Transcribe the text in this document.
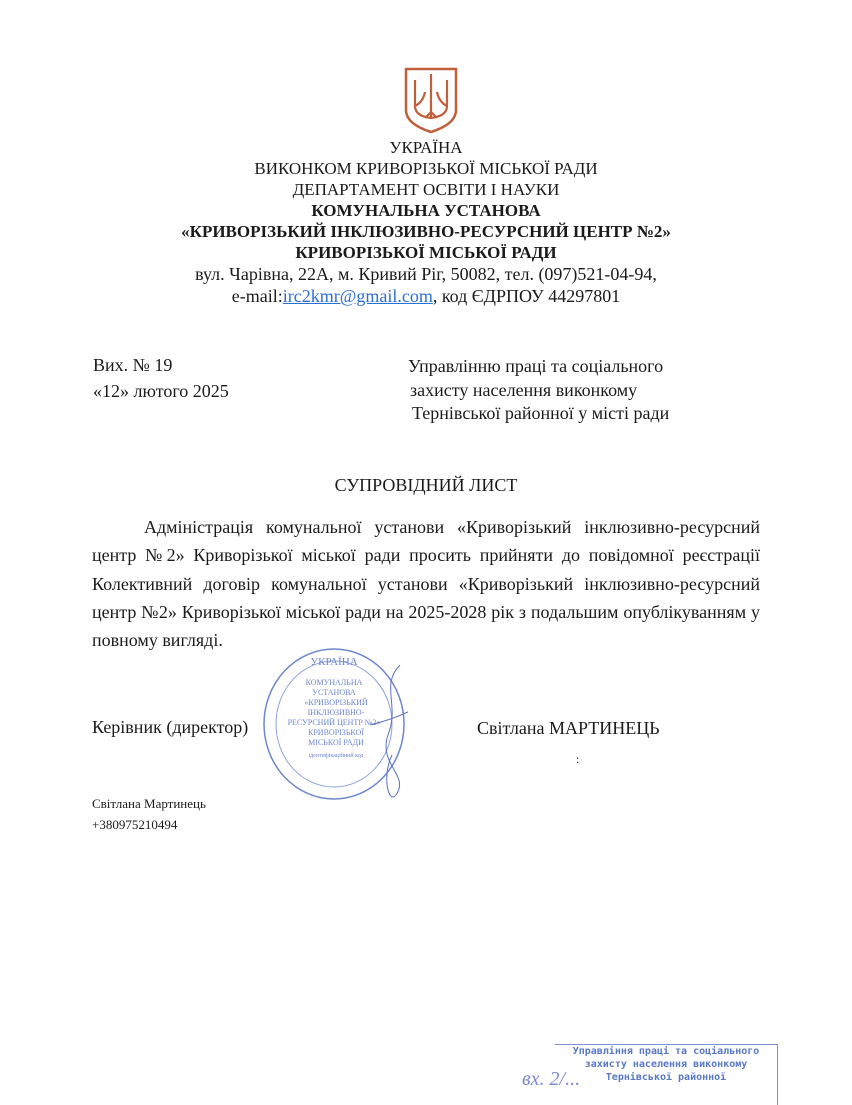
УКРАЇНА
ВИКОНКОМ КРИВОРІЗЬКОЇ МІСЬКОЇ РАДИ
ДЕПАРТАМЕНТ ОСВІТИ І НАУКИ
КОМУНАЛЬНА УСТАНОВА
«КРИВОРІЗЬКИЙ ІНКЛЮЗИВНО-РЕСУРСНИЙ ЦЕНТР №2»
КРИВОРІЗЬКОЇ МІСЬКОЇ РАДИ
вул. Чарівна, 22А, м. Кривий Ріг, 50082, тел. (097)521-04-94,
e-mail:irc2kmr@gmail.com, код ЄДРПОУ 44297801
Вих. № 19
«12» лютого 2025
Управлінню праці та соціального
захисту населення виконкому
Тернівської районної у місті ради
СУПРОВІДНИЙ ЛИСТ
Адміністрація комунальної установи «Криворізький інклюзивно-ресурсний центр №2» Криворізької міської ради просить прийняти до повідомної реєстрації Колективний договір комунальної установи «Криворізький інклюзивно-ресурсний центр №2» Криворізької міської ради на 2025-2028 рік з подальшим опублікуванням у повному вигляді.
Керівник (директор)	Світлана МАРТИНЕЦЬ
УКРАЇНА
КОМУНАЛЬНА
УСТАНОВА
«КРИВОРІЗЬКИЙ
ІНКЛЮЗИВНО-
РЕСУРСНИЙ ЦЕНТР №2»
КРИВОРІЗЬКОЇ
МІСЬКОЇ РАДИ
ідентифікаційний код	:
Світлана Мартинець
+380975210494
Управління праці та соціального
захисту населення виконкому
Тернівської районної
вх. 2/...
